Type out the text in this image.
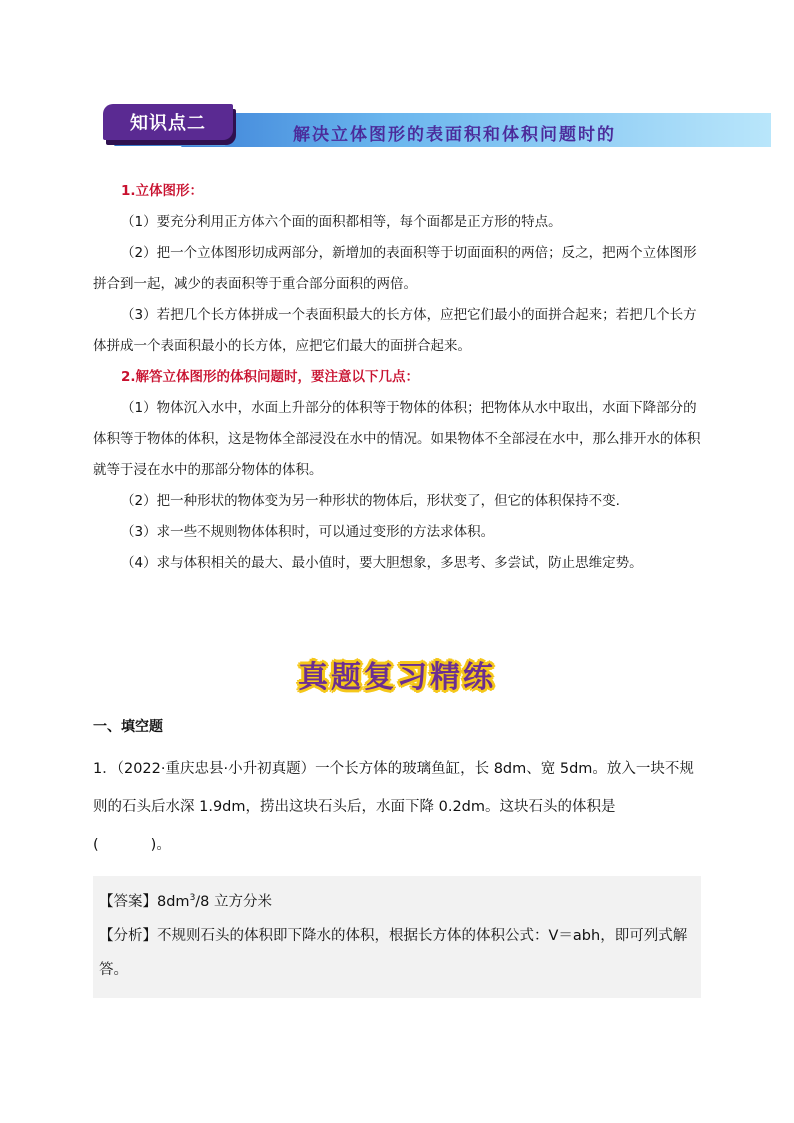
解决立体图形的表面积和体积问题时的
知识点二

1.立体图形：

（1）要充分利用正方体六个面的面积都相等，每个面都是正方形的特点。

（2）把一个立体图形切成两部分，新增加的表面积等于切面面积的两倍；反之，把两个立体图形拼合到一起，减少的表面积等于重合部分面积的两倍。

（3）若把几个长方体拼成一个表面积最大的长方体，应把它们最小的面拼合起来；若把几个长方体拼成一个表面积最小的长方体，应把它们最大的面拼合起来。

2.解答立体图形的体积问题时，要注意以下几点：

（1）物体沉入水中，水面上升部分的体积等于物体的体积；把物体从水中取出，水面下降部分的体积等于物体的体积，这是物体全部浸没在水中的情况。如果物体不全部浸在水中，那么排开水的体积就等于浸在水中的那部分物体的体积。

（2）把一种形状的物体变为另一种形状的物体后，形状变了，但它的体积保持不变.

（3）求一些不规则物体体积时，可以通过变形的方法求体积。

（4）求与体积相关的最大、最小值时，要大胆想象，多思考、多尝试，防止思维定势。

真题复习精练
一、填空题

1．（2022·重庆忠县·小升初真题）一个长方体的玻璃鱼缸，长 8dm、宽 5dm。放入一块不规则的石头后水深 1.9dm，捞出这块石头后，水面下降 0.2dm。这块石头的体积是
(	)。

【答案】$8dm^3/8$ 立方分米

【分析】不规则石头的体积即下降水的体积，根据长方体的体积公式：V＝abh，即可列式解答。
